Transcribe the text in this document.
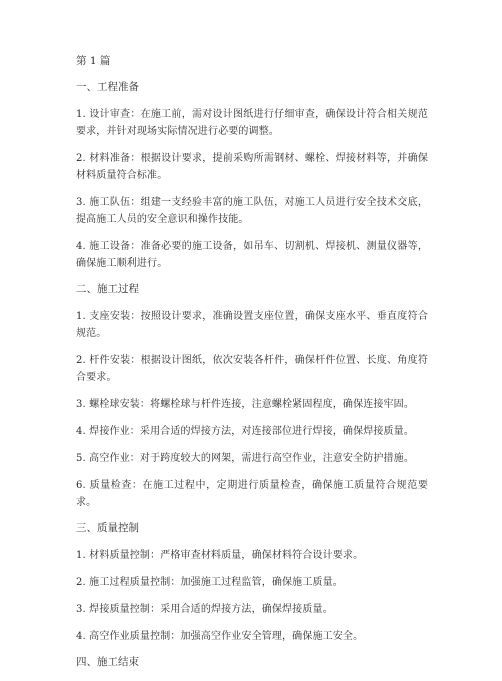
第 1 篇
一、工程准备

1. 设计审查：在施工前，需对设计图纸进行仔细审查，确保设计符合相关规范要求，并针对现场实际情况进行必要的调整。

2. 材料准备：根据设计要求，提前采购所需钢材、螺栓、焊接材料等，并确保材料质量符合标准。

3. 施工队伍：组建一支经验丰富的施工队伍，对施工人员进行安全技术交底，提高施工人员的安全意识和操作技能。

4. 施工设备：准备必要的施工设备，如吊车、切割机、焊接机、测量仪器等，确保施工顺利进行。

二、施工过程

1. 支座安装：按照设计要求，准确设置支座位置，确保支座水平、垂直度符合规范。

2. 杆件安装：根据设计图纸，依次安装各杆件，确保杆件位置、长度、角度符合要求。

3. 螺栓球安装：将螺栓球与杆件连接，注意螺栓紧固程度，确保连接牢固。

4. 焊接作业：采用合适的焊接方法，对连接部位进行焊接，确保焊接质量。

5. 高空作业：对于跨度较大的网架，需进行高空作业，注意安全防护措施。

6. 质量检查：在施工过程中，定期进行质量检查，确保施工质量符合规范要求。

三、质量控制

1. 材料质量控制：严格审查材料质量，确保材料符合设计要求。

2. 施工过程质量控制：加强施工过程监管，确保施工质量。

3. 焊接质量控制：采用合适的焊接方法，确保焊接质量。

4. 高空作业质量控制：加强高空作业安全管理，确保施工安全。

四、施工结束
